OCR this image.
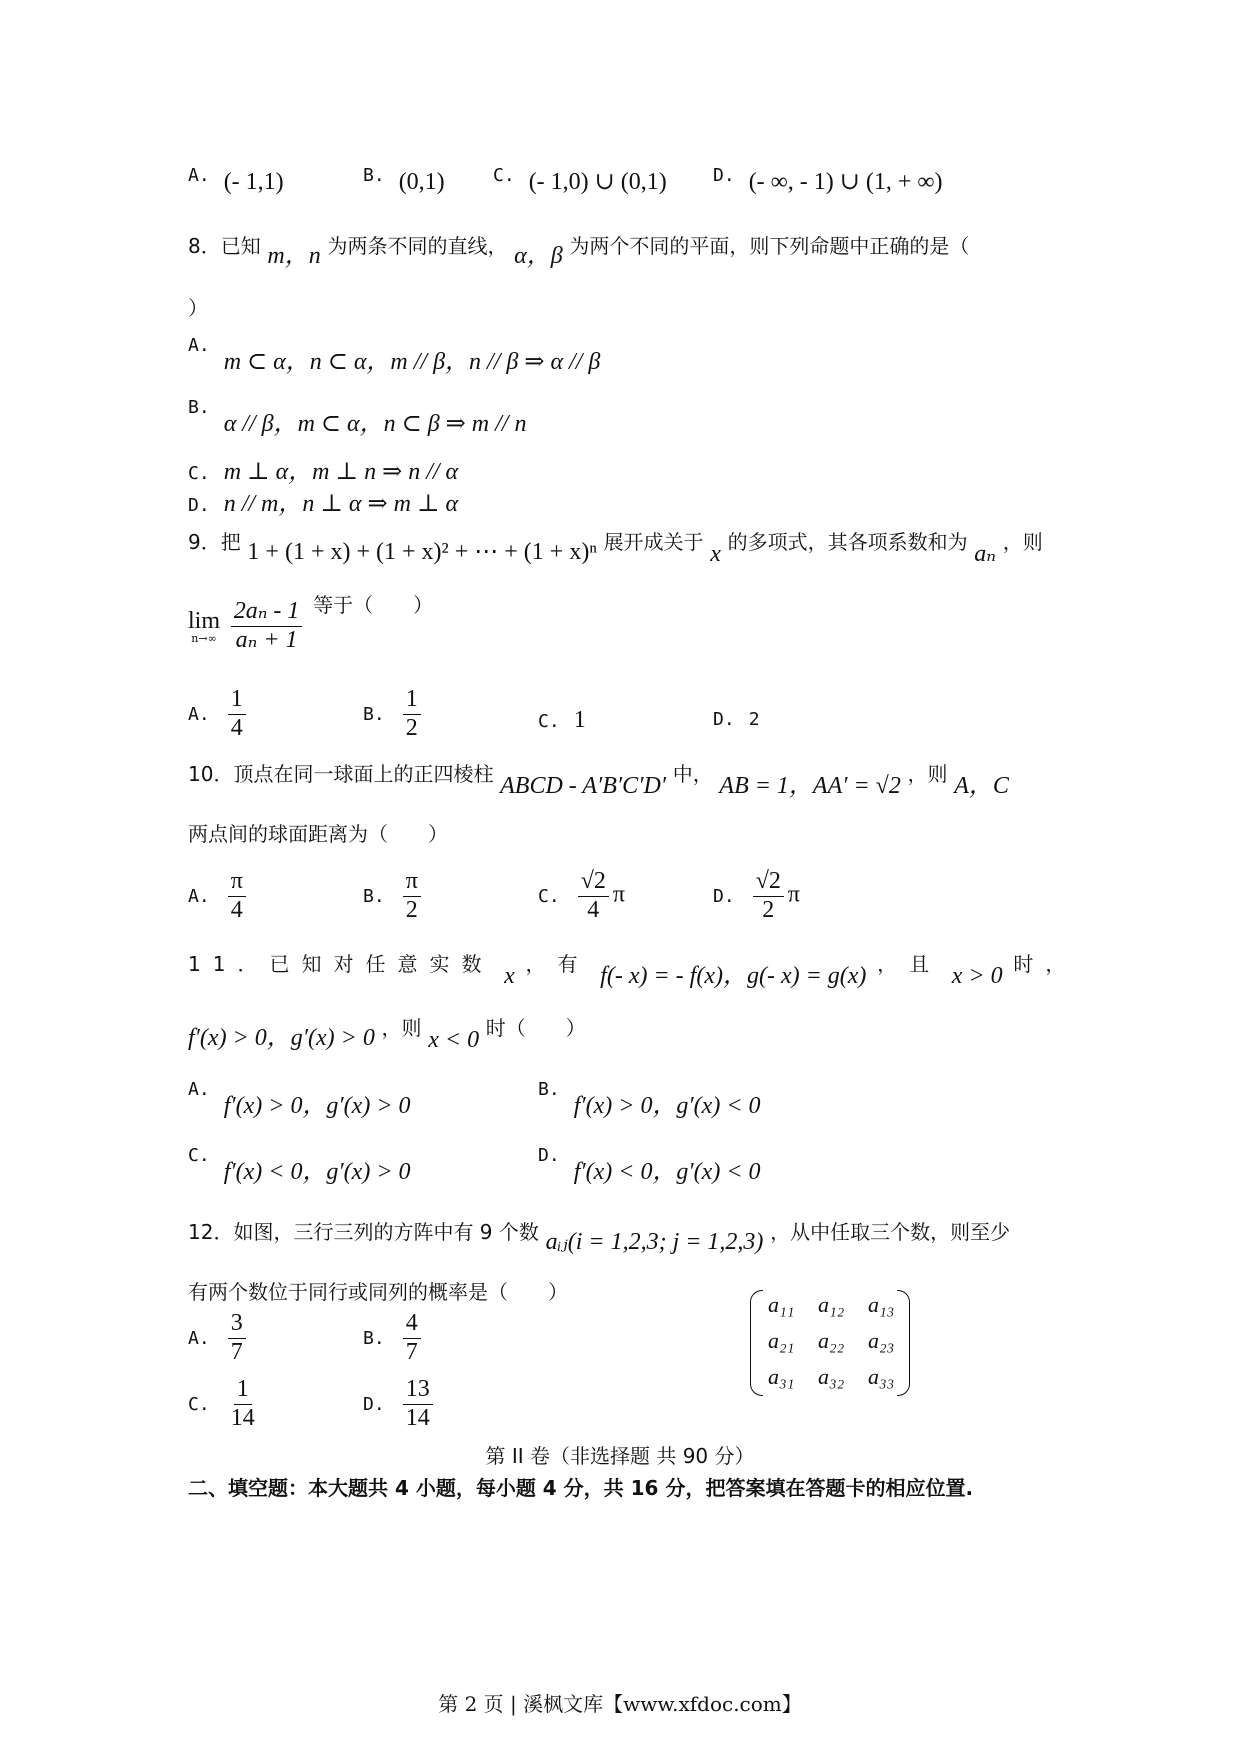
A. (- 1,1)	B. (0,1)	C. (- 1,0) ∪ (0,1)	D. (- ∞, - 1) ∪ (1, + ∞)
8．已知 m，n 为两条不同的直线， α，β 为两个不同的平面，则下列命题中正确的是（
）
A.m ⊂ α，n ⊂ α，m // β，n // β ⇒ α // β
B.α // β，m ⊂ α，n ⊂ β ⇒ m // n
C. m ⊥ α，m ⊥ n ⇒ n // α
D. n // m，n ⊥ α ⇒ m ⊥ α
9．把 1 + (1 + x) + (1 + x)² + ⋯ + (1 + x)ⁿ 展开成关于 x 的多项式，其各项系数和为 aₙ ，则
lim
n→∞
$\frac{\text{2aₙ - 1}}{\text{aₙ + 1}}$ 等于（　　）
A. $\frac{1}{4}$	B. $\frac{1}{2}$	C. 1	D. 2
10．顶点在同一球面上的正四棱柱 ABCD - A′B′C′D′ 中， AB = 1，AA′ = √2 ，则 A，C
两点间的球面距离为（　　）
A. $\frac{\pi}{4}$	B. $\frac{\pi}{2}$	C. $\frac{√2}{4}$ π	D. $\frac{√2}{2}$ π
11．已知对任意实数 x ，有 f(- x) = - f(x)，g(- x) = g(x) ，且 x > 0 时，
f′(x) > 0，g′(x) > 0 ，则 x < 0 时（　　）
A.f′(x) > 0，g′(x) > 0
B.f′(x) > 0，g′(x) < 0
C.f′(x) < 0，g′(x) > 0
D.f′(x) < 0，g′(x) < 0
12．如图，三行三列的方阵中有 9 个数 aᵢⱼ(i = 1,2,3; j = 1,2,3) ，从中任取三个数，则至少
有两个数位于同行或同列的概率是（　　）
A. $\frac{3}{7}$	B. $\frac{4}{7}$
C. $\frac{1}{14}$	D. $\frac{13}{14}$
a₁₁ a₁₂ a₁₃
a₂₁ a₂₂ a₂₃
a₃₁ a₃₂ a₃₃
第 II 卷（非选择题 共 90 分）
二、填空题：本大题共 4 小题，每小题 4 分，共 16 分，把答案填在答题卡的相应位置.
第 2 页 | 溪枫文库【www.xfdoc.com】
